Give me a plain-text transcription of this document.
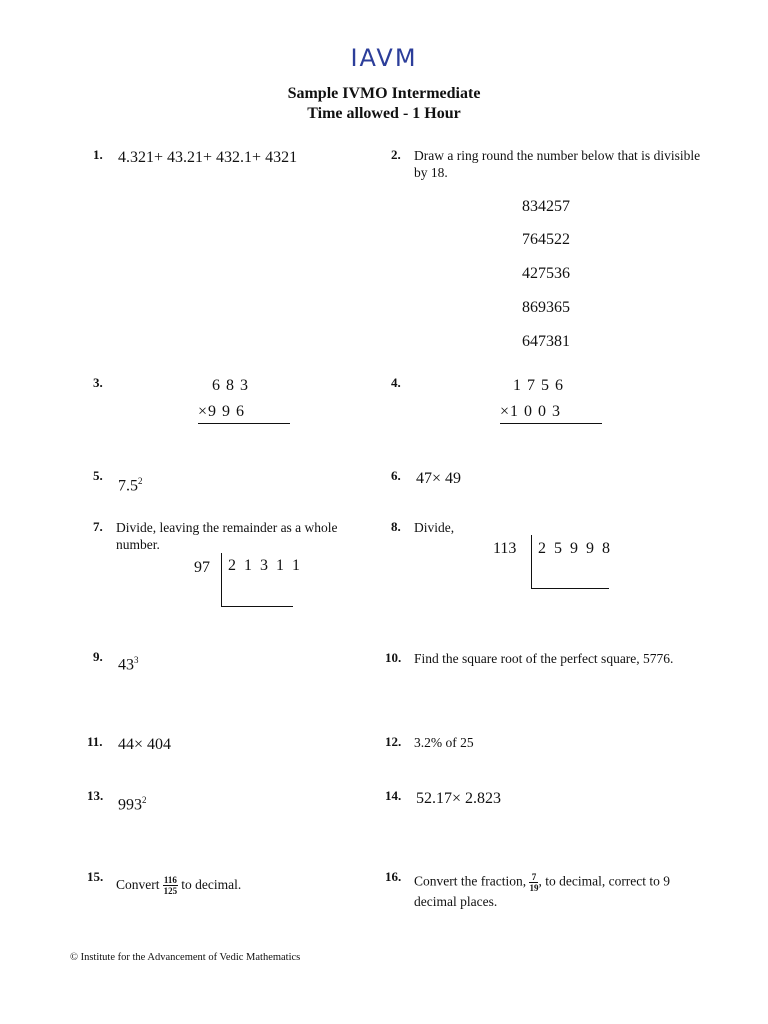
IAVM
Sample IVMO Intermediate
Time allowed - 1 Hour
1. 4.321+ 43.21+ 432.1+ 4321	2. Draw a ring round the number below that is divisible by 18.
834257
764522
427536
869365
647381
3.	6 8 3
×9 9 6
4.	1 7 5 6
×1 0 0 3
5.
$7.5^2$	6. 47× 49
7. Divide, leaving the remainder as a whole number.
97 2 1 3 1 1
8. Divide,
113 2 5 9 9 8
9. $43^3$	10. Find the square root of the perfect square, 5776.
11. 44× 404	12. 3.2% of 25
13.
$993^2$	14. 52.17× 2.823
15.
Convert $\frac{116}{125}$ to decimal.
16. Convert the fraction, $\frac{7}{19}$ , to decimal, correct to 9 decimal places.
© Institute for the Advancement of Vedic Mathematics
